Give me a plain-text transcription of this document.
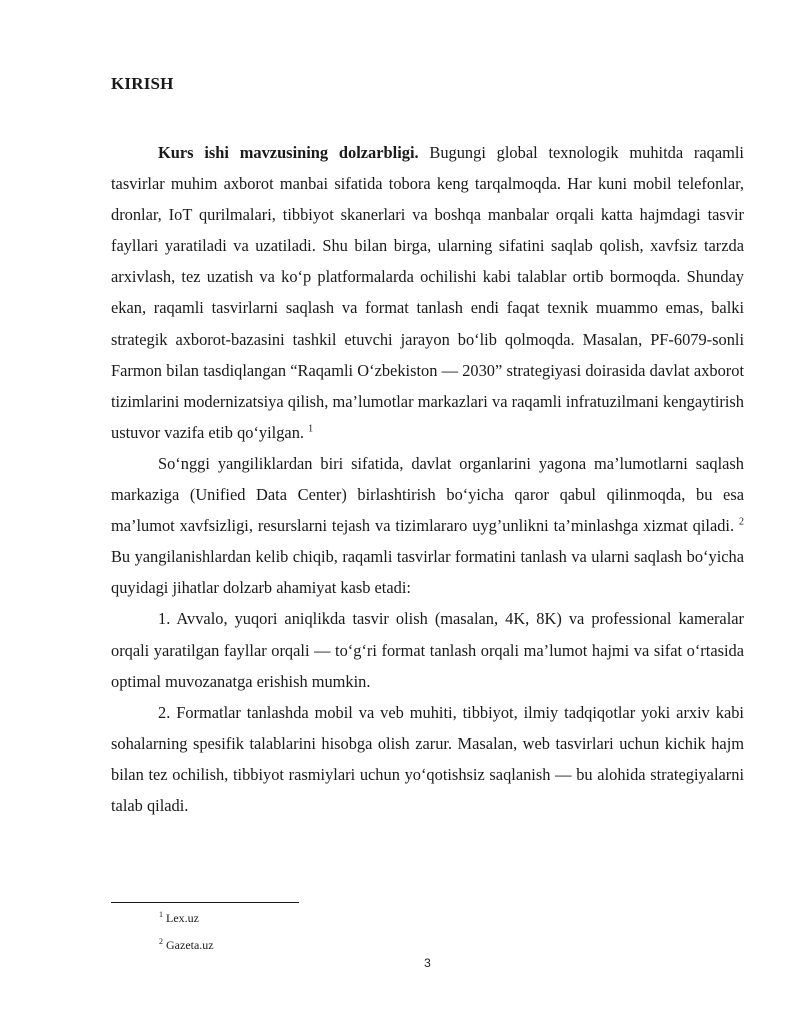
KIRISH

Kurs ishi mavzusining dolzarbligi. Bugungi global texnologik muhitda raqamli tasvirlar muhim axborot manbai sifatida tobora keng tarqalmoqda. Har kuni mobil telefonlar, dronlar, IoT qurilmalari, tibbiyot skanerlari va boshqa manbalar orqali katta hajmdagi tasvir fayllari yaratiladi va uzatiladi. Shu bilan birga, ularning sifatini saqlab qolish, xavfsiz tarzda arxivlash, tez uzatish va ko‘p platformalarda ochilishi kabi talablar ortib bormoqda. Shunday ekan, raqamli tasvirlarni saqlash va format tanlash endi faqat texnik muammo emas, balki strategik axborot-bazasini tashkil etuvchi jarayon bo‘lib qolmoqda. Masalan, PF-6079-sonli Farmon bilan tasdiqlangan “Raqamli O‘zbekiston — 2030” strategiyasi doirasida davlat axborot tizimlarini modernizatsiya qilish, ma’lumotlar markazlari va raqamli infratuzilmani kengaytirish ustuvor vazifa etib qo‘yilgan. $^1$

So‘nggi yangiliklardan biri sifatida, davlat organlarini yagona ma’lumotlarni saqlash markaziga (Unified Data Center) birlashtirish bo‘yicha qaror qabul qilinmoqda, bu esa ma’lumot xavfsizligi, resurslarni tejash va tizimlararo uyg’unlikni ta’minlashga xizmat qiladi. $^2$ Bu yangilanishlardan kelib chiqib, raqamli tasvirlar formatini tanlash va ularni saqlash bo‘yicha quyidagi jihatlar dolzarb ahamiyat kasb etadi:

1. Avvalo, yuqori aniqlikda tasvir olish (masalan, 4K, 8K) va professional kameralar orqali yaratilgan fayllar orqali — to‘g‘ri format tanlash orqali ma’lumot hajmi va sifat o‘rtasida optimal muvozanatga erishish mumkin.

2. Formatlar tanlashda mobil va veb muhiti, tibbiyot, ilmiy tadqiqotlar yoki arxiv kabi sohalarning spesifik talablarini hisobga olish zarur. Masalan, web tasvirlari uchun kichik hajm bilan tez ochilish, tibbiyot rasmiylari uchun yo‘qotishsiz saqlanish — bu alohida strategiyalarni talab qiladi.

$^1$ Lex.uz
$^2$ Gazeta.uz
3
